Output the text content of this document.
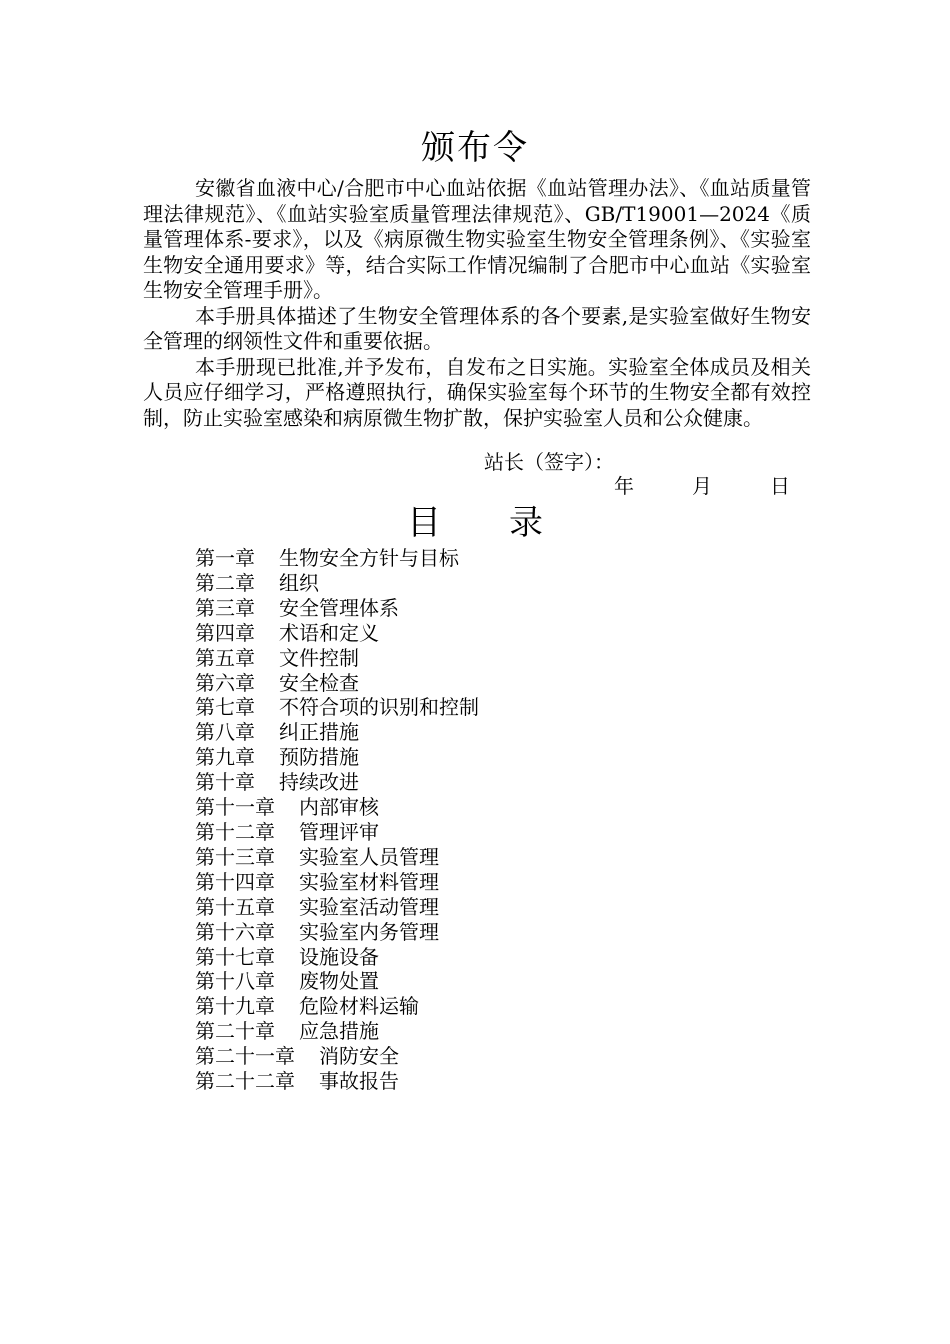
颁布令

安徽省血液中心/合肥市中心血站依据《血站管理办法》、《血站质量管理法律规范》、《血站实验室质量管理法律规范》、GB/T19001—2024《质量管理体系-要求》，以及《病原微生物实验室生物安全管理条例》、《实验室生物安全通用要求》等，结合实际工作情况编制了合肥市中心血站《实验室生物安全管理手册》。

本手册具体描述了生物安全管理体系的各个要素,是实验室做好生物安全管理的纲领性文件和重要依据。

本手册现已批准,并予发布，自发布之日实施。实验室全体成员及相关人员应仔细学习，严格遵照执行，确保实验室每个环节的生物安全都有效控制，防止实验室感染和病原微生物扩散，保护实验室人员和公众健康。

站长（签字）：
年	月	日
目 录
第一章 生物安全方针与目标
第二章 组织
第三章 安全管理体系
第四章 术语和定义
第五章 文件控制
第六章 安全检查
第七章 不符合项的识别和控制
第八章 纠正措施
第九章 预防措施
第十章 持续改进
第十一章 内部审核
第十二章 管理评审
第十三章 实验室人员管理
第十四章 实验室材料管理
第十五章 实验室活动管理
第十六章 实验室内务管理
第十七章 设施设备
第十八章 废物处置
第十九章 危险材料运输
第二十章 应急措施
第二十一章 消防安全
第二十二章 事故报告
